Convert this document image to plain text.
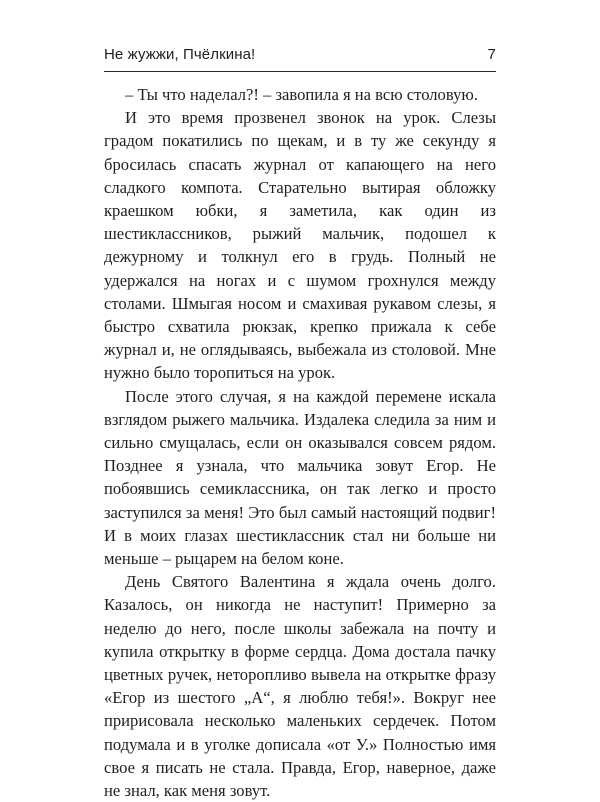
Не жужжи, Пчёлкина!	7

– Ты что наделал?! – завопила я на всю столовую.

И это время прозвенел звонок на урок. Слезы градом покатились по щекам, и в ту же секунду я бросилась спасать журнал от капающего на него сладкого компота. Старательно вытирая обложку краешком юбки, я заметила, как один из шестиклассников, рыжий мальчик, подошел к дежурному и толкнул его в грудь. Полный не удержался на ногах и с шумом грохнулся между столами. Шмыгая носом и смахивая рукавом слезы, я быстро схватила рюкзак, крепко прижала к себе журнал и, не оглядываясь, выбежала из столовой. Мне нужно было торопиться на урок.

После этого случая, я на каждой перемене искала взглядом рыжего мальчика. Издалека следила за ним и сильно смущалась, если он оказывался совсем рядом. Позднее я узнала, что мальчика зовут Егор. Не побоявшись семиклассника, он так легко и просто заступился за меня! Это был самый настоящий подвиг! И в моих глазах шестиклассник стал ни больше ни меньше – рыцарем на белом коне.

День Святого Валентина я ждала очень долго. Казалось, он никогда не наступит! Примерно за неделю до него, после школы забежала на почту и купила открытку в форме сердца. Дома достала пачку цветных ручек, неторопливо вывела на открытке фразу «Егор из шестого „А“, я люблю тебя!». Вокруг нее пририсовала несколько маленьких сердечек. Потом подумала и в уголке дописала «от У.» Полностью имя свое я писать не стала. Правда, Егор, наверное, даже не знал, как меня зовут.
